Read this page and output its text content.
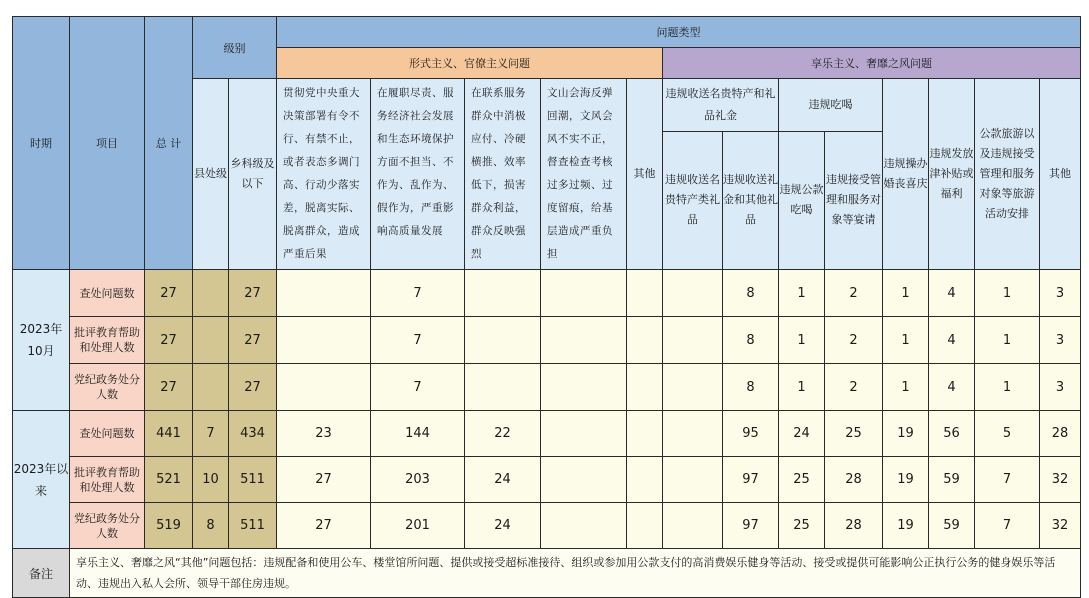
时期	项目	总 计	级别		问题类型												
					形式主义、官僚主义问题					享乐主义、奢靡之风问题							
			县处级	乡科级及以下	贯彻党中央重大决策部署有令不行、有禁不止，或者表态多调门高、行动少落实差，脱离实际、脱离群众，造成严重后果	在履职尽责、服务经济社会发展和生态环境保护方面不担当、不作为、乱作为、假作为，严重影响高质量发展	在联系服务群众中消极应付、冷硬横推、效率低下，损害群众利益，群众反映强烈	文山会海反弹回潮，文风会风不实不正，督查检查考核过多过频、过度留痕，给基层造成严重负担	其他	违规收送名贵特产和礼品礼金		违规吃喝		违规操办婚丧喜庆	违规发放津补贴或福利	公款旅游以及违规接受管理和服务对象等旅游活动安排	其他
										违规收送名贵特产类礼品	违规收送礼金和其他礼品	违规公款吃喝	违规接受管理和服务对象等宴请				
2023年10月	查处问题数	27		27		7					8	1	2	1	4	1	3
	批评教育帮助和处理人数	27		27		7					8	1	2	1	4	1	3
	党纪政务处分人数	27		27		7					8	1	2	1	4	1	3
2023年以来	查处问题数	441	7	434	23	144	22				95	24	25	19	56	5	28
	批评教育帮助和处理人数	521	10	511	27	203	24				97	25	28	19	59	7	32
	党纪政务处分人数	519	8	511	27	201	24				97	25	28	19	59	7	32
备注	享乐主义、奢靡之风“其他”问题包括：违规配备和使用公车、楼堂馆所问题、提供或接受超标准接待、组织或参加用公款支付的高消费娱乐健身等活动、接受或提供可能影响公正执行公务的健身娱乐等活动、违规出入私人会所、领导干部住房违规。																
